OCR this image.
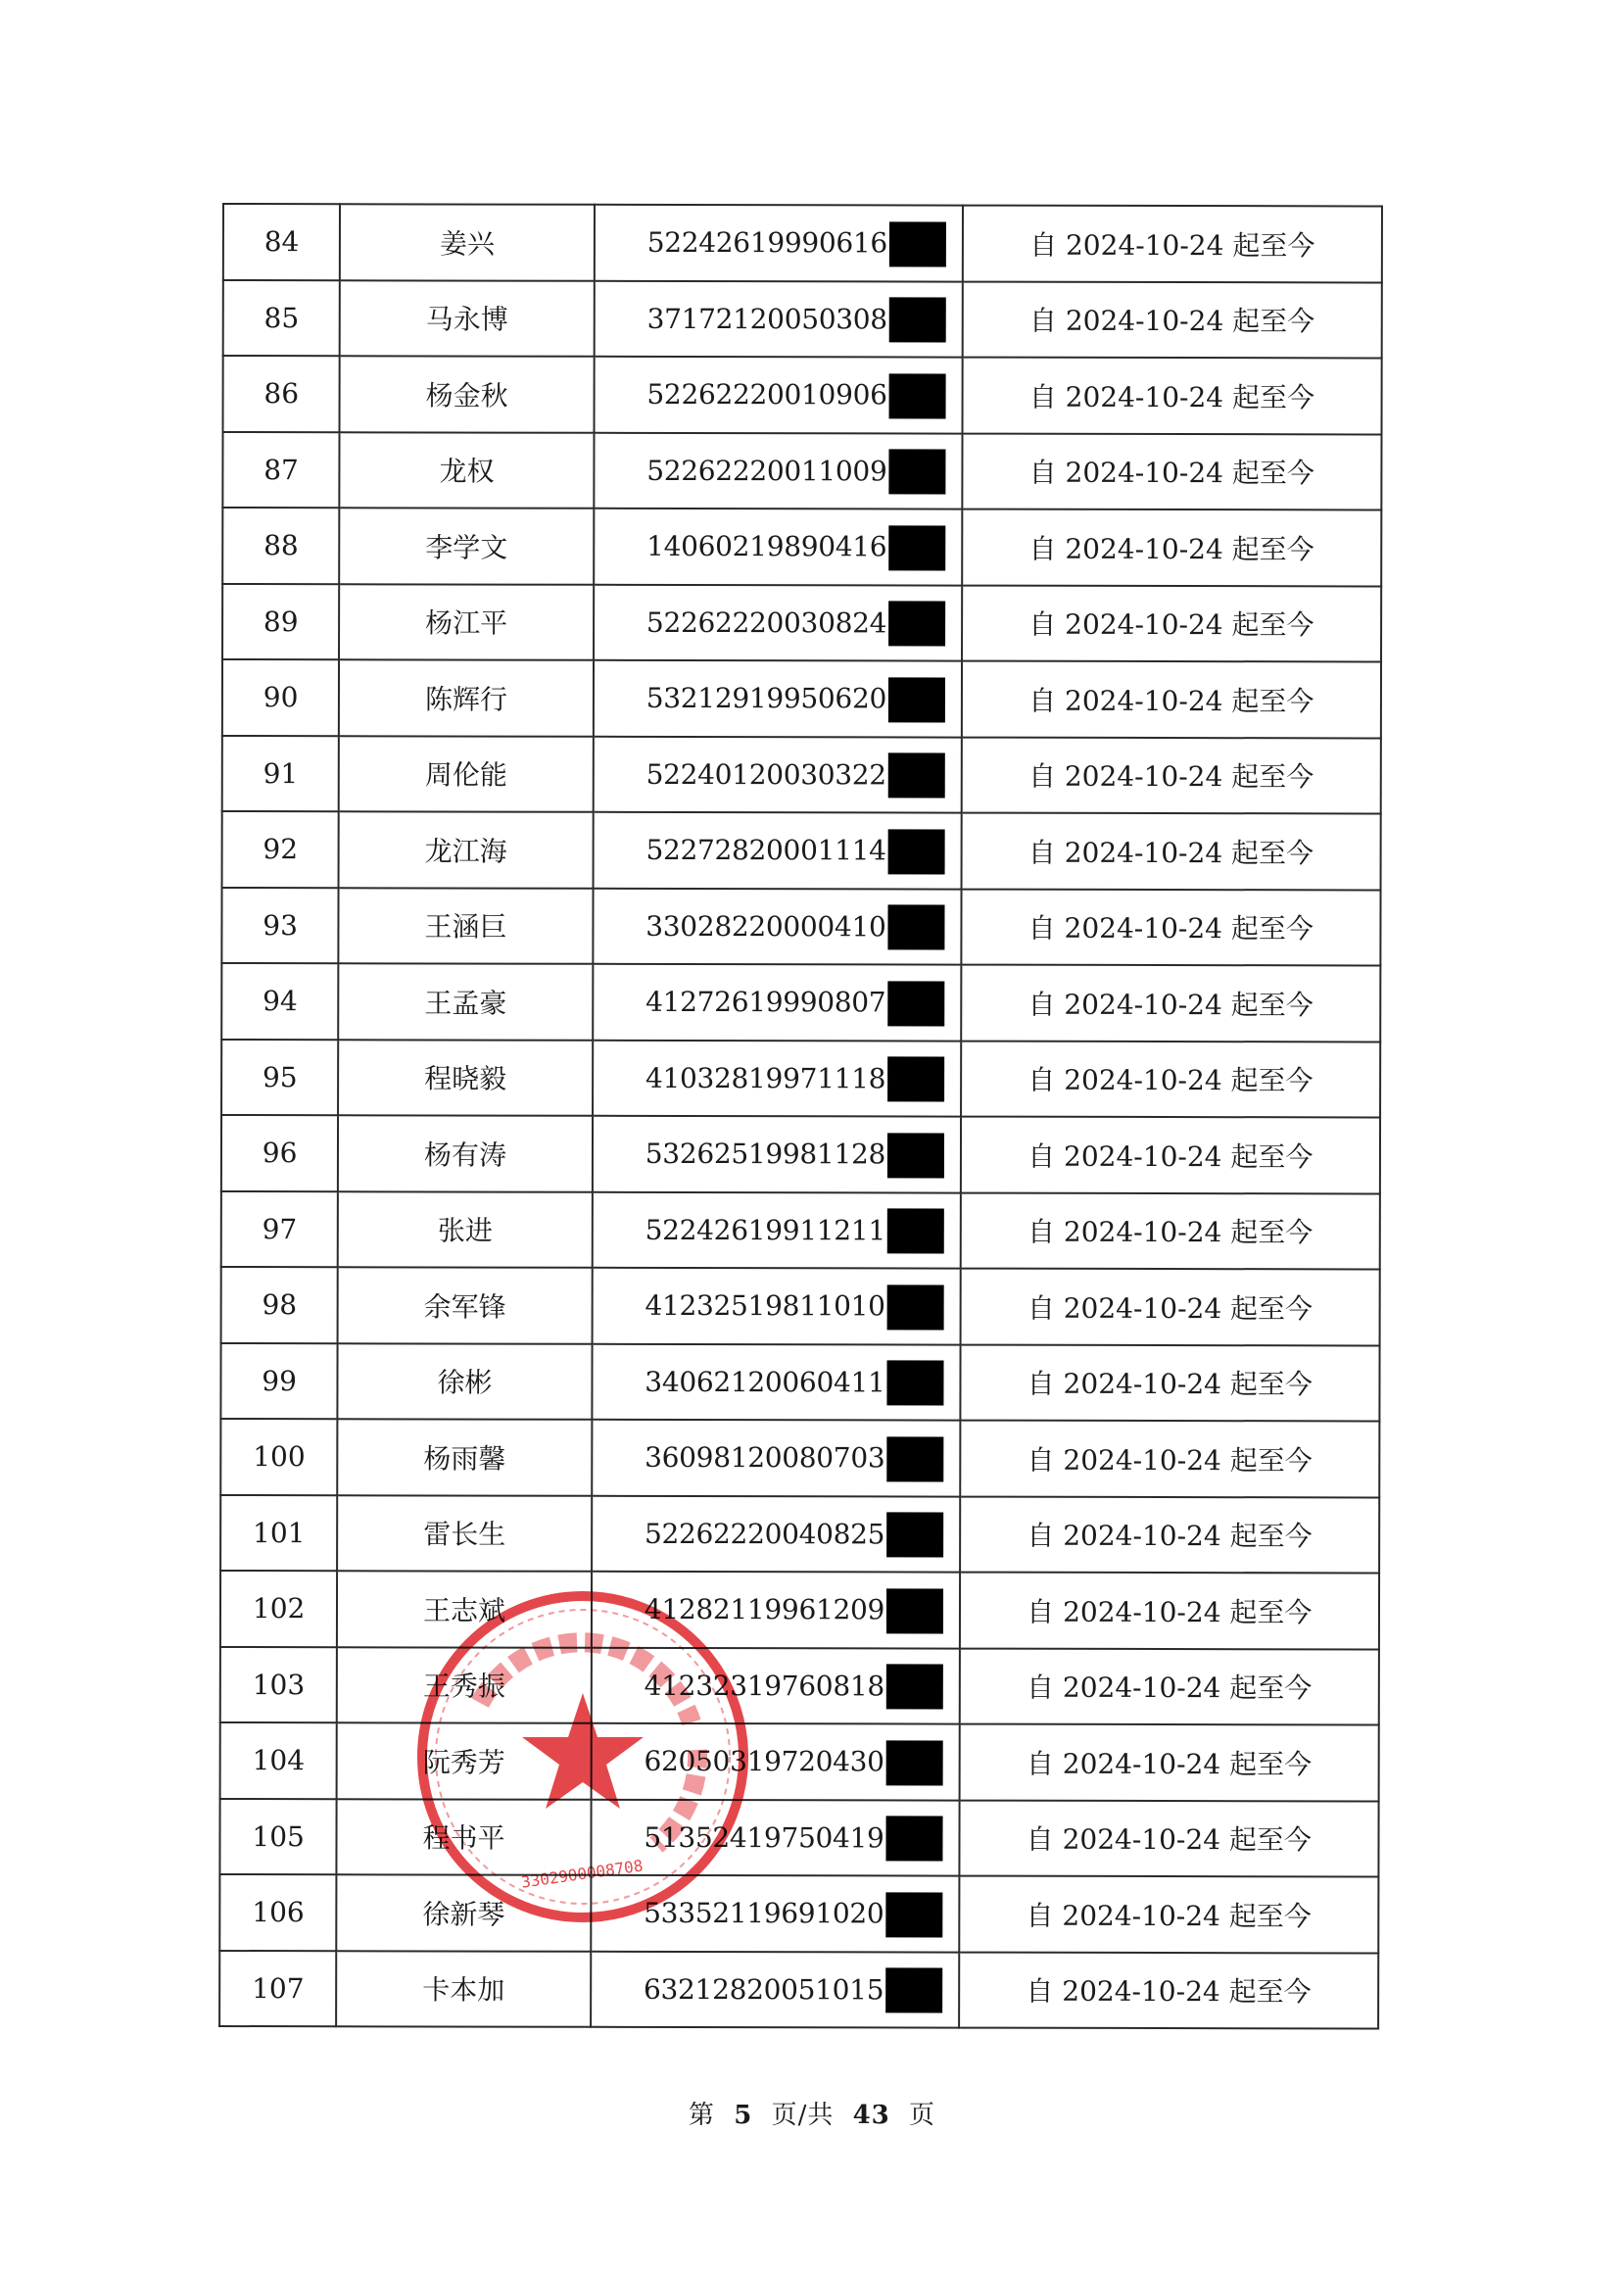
84	姜兴	52242619990616	自 2024-10-24 起至今
85	马永博	37172120050308	自 2024-10-24 起至今
86	杨金秋	52262220010906	自 2024-10-24 起至今
87	龙权	52262220011009	自 2024-10-24 起至今
88	李学文	14060219890416	自 2024-10-24 起至今
89	杨江平	52262220030824	自 2024-10-24 起至今
90	陈辉行	53212919950620	自 2024-10-24 起至今
91	周伦能	52240120030322	自 2024-10-24 起至今
92	龙江海	52272820001114	自 2024-10-24 起至今
93	王涵巨	33028220000410	自 2024-10-24 起至今
94	王孟豪	41272619990807	自 2024-10-24 起至今
95	程晓毅	41032819971118	自 2024-10-24 起至今
96	杨有涛	53262519981128	自 2024-10-24 起至今
97	张进	52242619911211	自 2024-10-24 起至今
98	余军锋	41232519811010	自 2024-10-24 起至今
99	徐彬	34062120060411	自 2024-10-24 起至今
100	杨雨馨	36098120080703	自 2024-10-24 起至今
101	雷长生	52262220040825	自 2024-10-24 起至今
102	王志斌	41282119961209	自 2024-10-24 起至今
103	王秀振	41232319760818	自 2024-10-24 起至今
104	阮秀芳	62050319720430	自 2024-10-24 起至今
105	程书平	51352419750419	自 2024-10-24 起至今
106	徐新琴	53352119691020	自 2024-10-24 起至今
107	卡本加	63212820051015	自 2024-10-24 起至今
第 5 页/共 43 页
3302900008708
